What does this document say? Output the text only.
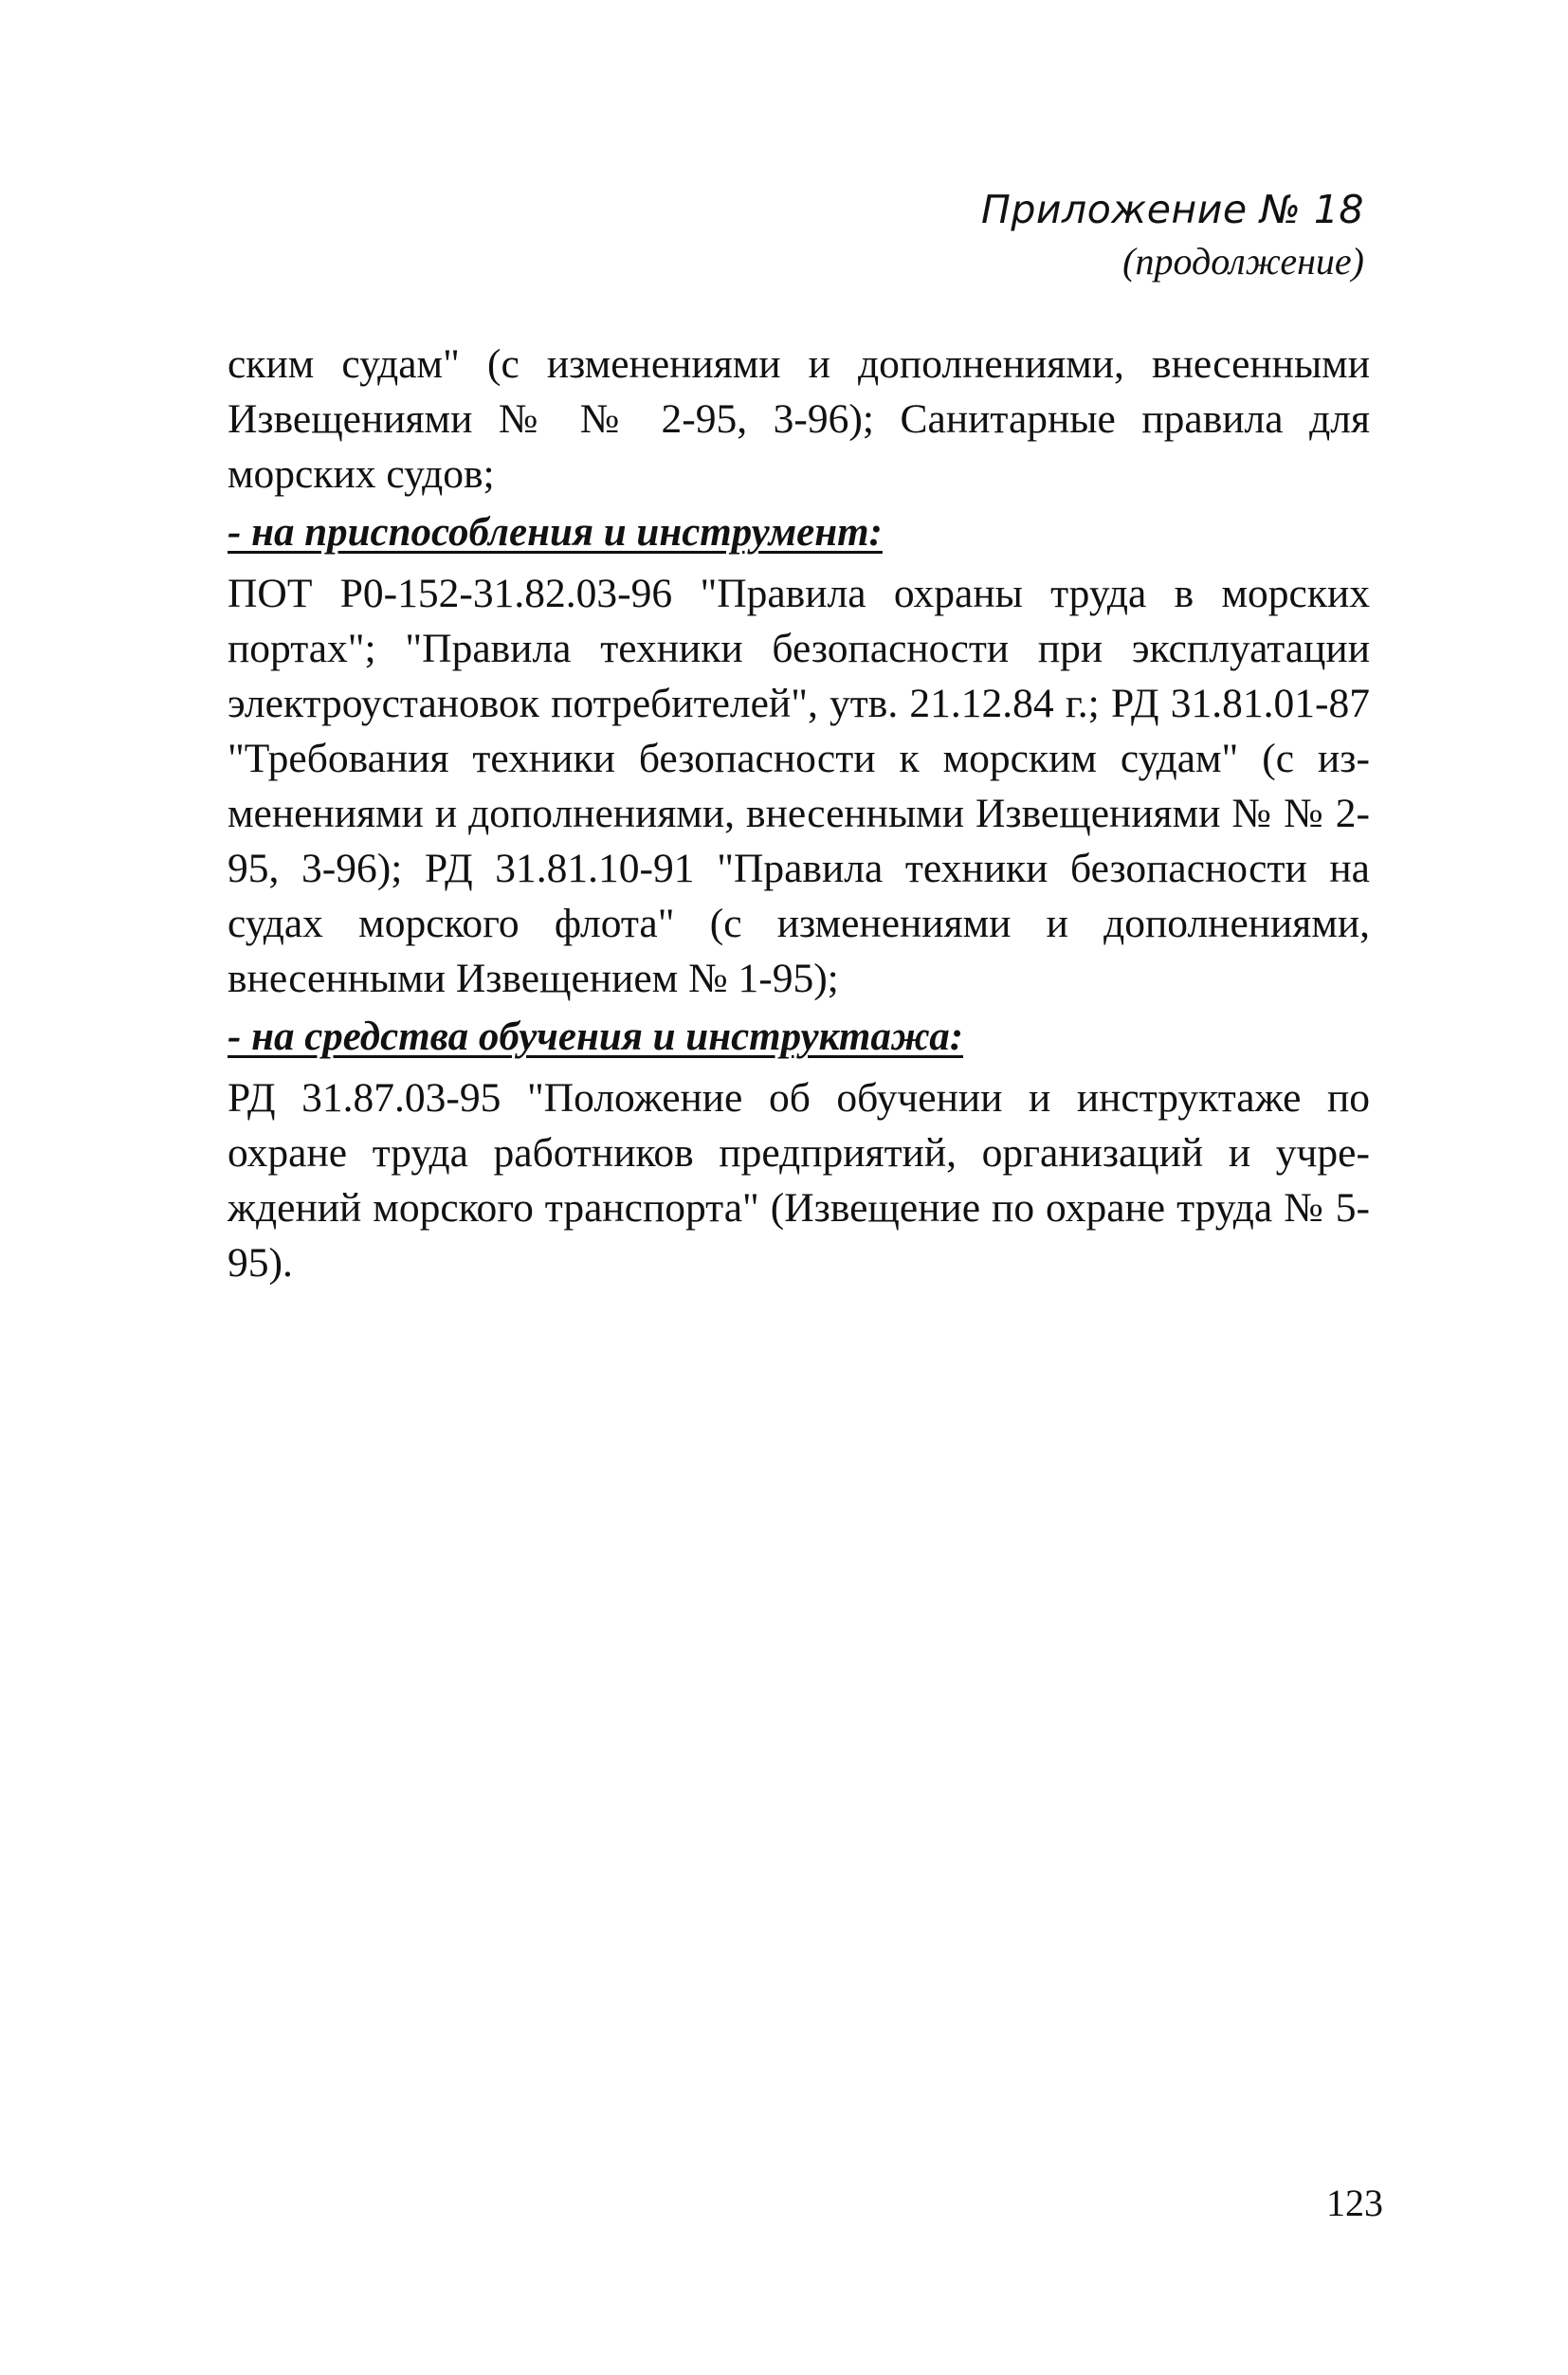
Приложение № 18
(продолжение)

ским судам" (с изменениями и дополнениями, внесенными Извещениями № № 2-95, 3-96); Санитарные правила для морских судов;

- на приспособления и инструмент:

ПОТ Р0-152-31.82.03-96 "Правила охраны труда в морских портах"; "Правила техники безопасности при эксплуатации электроустановок потребителей", утв. 21.12.84 г.; РД 31.81.01-87 "Требования техники безопасности к морским судам" (с изменениями и дополнениями, внесенными Извещениями № № 2-95, 3-96); РД 31.81.10-91 "Правила техники безопасности на судах морского флота" (с изменениями и дополнениями, внесенными Извещением № 1-95);

- на средства обучения и инструктажа:

РД 31.87.03-95 "Положение об обучении и инструктаже по охране труда работников предприятий, организаций и учреждений морского транспорта" (Извещение по охране труда № 5-95).

123
